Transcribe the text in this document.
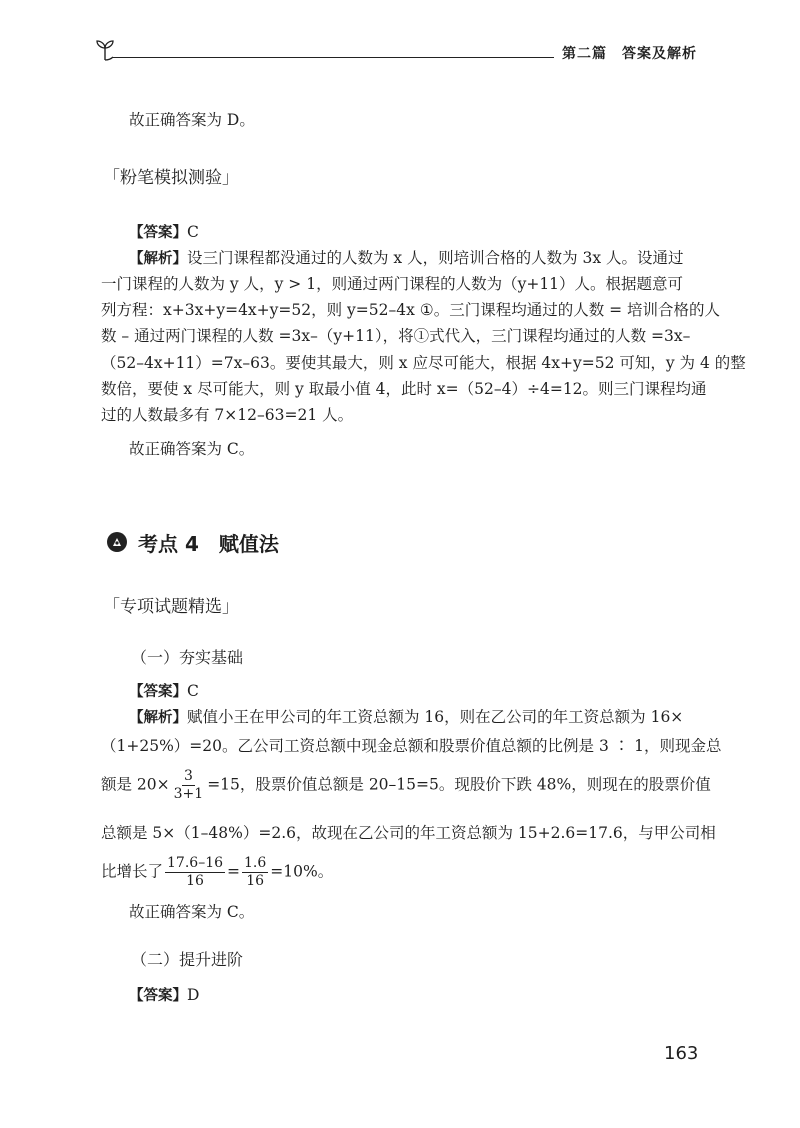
第二篇　答案及解析
故正确答案为 D。
「粉笔模拟测验」
【答案】C
【解析】设三门课程都没通过的人数为 x 人，则培训合格的人数为 3x 人。设通过
一门课程的人数为 y 人，y > 1，则通过两门课程的人数为（y+11）人。根据题意可
列方程：x+3x+y=4x+y=52，则 y=52–4x ①。三门课程均通过的人数 = 培训合格的人
数 – 通过两门课程的人数 =3x–（y+11），将①式代入，三门课程均通过的人数 =3x–
（52–4x+11）=7x–63。要使其最大，则 x 应尽可能大，根据 4x+y=52 可知，y 为 4 的整
数倍，要使 x 尽可能大，则 y 取最小值 4，此时 x=（52–4）÷4=12。则三门课程均通
过的人数最多有 7×12–63=21 人。
故正确答案为 C。
考点 4　赋值法
「专项试题精选」
（一）夯实基础
【答案】C
【解析】赋值小王在甲公司的年工资总额为 16，则在乙公司的年工资总额为 16×
（1+25%）=20。乙公司工资总额中现金总额和股票价值总额的比例是 3 ∶ 1，则现金总
额是 $20\times \frac{3}{3+1} =15$，股票价值总额是 20–15=5。现股价下跌 48%，则现在的股票价值
总额是 5×（1–48%）=2.6，故现在乙公司的年工资总额为 15+2.6=17.6，与甲公司相
比增长了 $\frac{17.6-16}{16} = \frac{1.6}{16} =10\%$。
故正确答案为 C。
（二）提升进阶
【答案】D
163
